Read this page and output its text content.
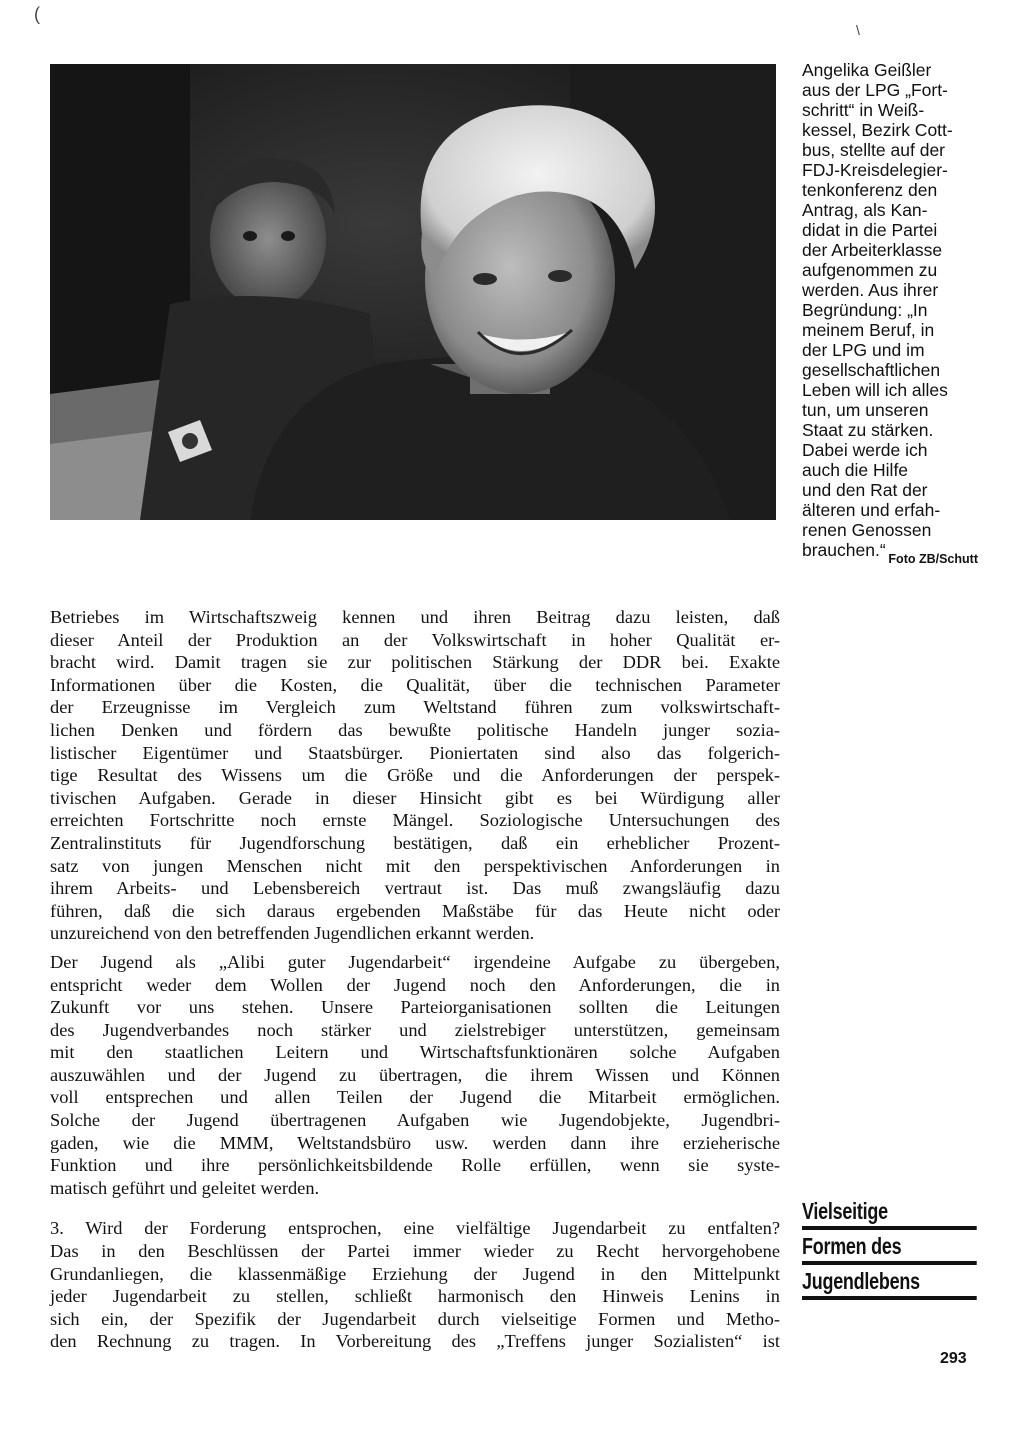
(
\
Angelika Geißler
aus der LPG „Fort-
schritt“ in Weiß-
kessel, Bezirk Cott-
bus, stellte auf der
FDJ-Kreisdelegier-
tenkonferenz den
Antrag, als Kan-
didat in die Partei
der Arbeiterklasse
aufgenommen zu
werden. Aus ihrer
Begründung: „In
meinem Beruf, in
der LPG und im
gesellschaftlichen
Leben will ich alles
tun, um unseren
Staat zu stärken.
Dabei werde ich
auch die Hilfe
und den Rat der
älteren und erfah-
renen Genossen
brauchen.“ Foto ZB/Schutt
Betriebes im Wirtschaftszweig kennen und ihren Beitrag dazu leisten, daß
dieser Anteil der Produktion an der Volkswirtschaft in hoher Qualität er-
bracht wird. Damit tragen sie zur politischen Stärkung der DDR bei. Exakte
Informationen über die Kosten, die Qualität, über die technischen Parameter
der Erzeugnisse im Vergleich zum Weltstand führen zum volkswirtschaft-
lichen Denken und fördern das bewußte politische Handeln junger sozia-
listischer Eigentümer und Staatsbürger. Pioniertaten sind also das folgerich-
tige Resultat des Wissens um die Größe und die Anforderungen der perspek-
tivischen Aufgaben. Gerade in dieser Hinsicht gibt es bei Würdigung aller
erreichten Fortschritte noch ernste Mängel. Soziologische Untersuchungen des
Zentralinstituts für Jugendforschung bestätigen, daß ein erheblicher Prozent-
satz von jungen Menschen nicht mit den perspektivischen Anforderungen in
ihrem Arbeits- und Lebensbereich vertraut ist. Das muß zwangsläufig dazu
führen, daß die sich daraus ergebenden Maßstäbe für das Heute nicht oder
unzureichend von den betreffenden Jugendlichen erkannt werden.
Der Jugend als „Alibi guter Jugendarbeit“ irgendeine Aufgabe zu übergeben,
entspricht weder dem Wollen der Jugend noch den Anforderungen, die in
Zukunft vor uns stehen. Unsere Parteiorganisationen sollten die Leitungen
des Jugendverbandes noch stärker und zielstrebiger unterstützen, gemeinsam
mit den staatlichen Leitern und Wirtschaftsfunktionären solche Aufgaben
auszuwählen und der Jugend zu übertragen, die ihrem Wissen und Können
voll entsprechen und allen Teilen der Jugend die Mitarbeit ermöglichen.
Solche der Jugend übertragenen Aufgaben wie Jugendobjekte, Jugendbri-
gaden, wie die MMM, Weltstandsbüro usw. werden dann ihre erzieherische
Funktion und ihre persönlichkeitsbildende Rolle erfüllen, wenn sie syste-
matisch geführt und geleitet werden.
3. Wird der Forderung entsprochen, eine vielfältige Jugendarbeit zu entfalten?
Das in den Beschlüssen der Partei immer wieder zu Recht hervorgehobene
Grundanliegen, die klassenmäßige Erziehung der Jugend in den Mittelpunkt
jeder Jugendarbeit zu stellen, schließt harmonisch den Hinweis Lenins in
sich ein, der Spezifik der Jugendarbeit durch vielseitige Formen und Metho-
den Rechnung zu tragen. In Vorbereitung des „Treffens junger Sozialisten“ ist
Vielseitige
Formen des
Jugendlebens
293
